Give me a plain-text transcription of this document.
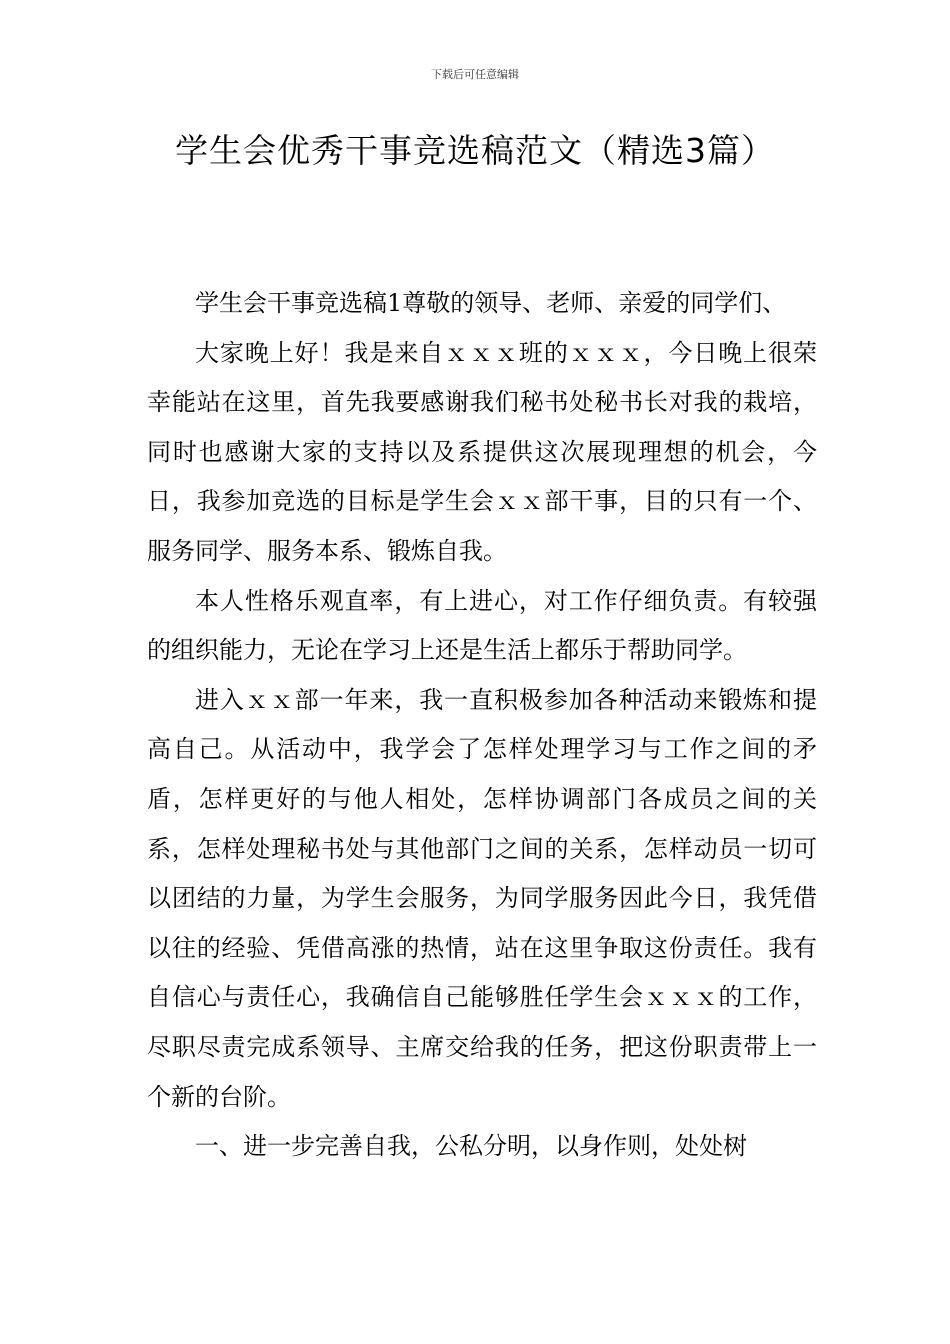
下载后可任意编辑
学生会优秀干事竞选稿范文（精选3篇）

学生会干事竞选稿1尊敬的领导、老师、亲爱的同学们、

大家晚上好！我是来自ｘｘｘ班的ｘｘｘ，今日晚上很荣幸能站在这里，首先我要感谢我们秘书处秘书长对我的栽培，同时也感谢大家的支持以及系提供这次展现理想的机会，今日，我参加竞选的目标是学生会ｘｘ部干事，目的只有一个、服务同学、服务本系、锻炼自我。

本人性格乐观直率，有上进心，对工作仔细负责。有较强的组织能力，无论在学习上还是生活上都乐于帮助同学。

进入ｘｘ部一年来，我一直积极参加各种活动来锻炼和提高自己。从活动中，我学会了怎样处理学习与工作之间的矛盾，怎样更好的与他人相处，怎样协调部门各成员之间的关系，怎样处理秘书处与其他部门之间的关系，怎样动员一切可以团结的力量，为学生会服务，为同学服务因此今日，我凭借以往的经验、凭借高涨的热情，站在这里争取这份责任。我有自信心与责任心，我确信自己能够胜任学生会ｘｘｘ的工作，尽职尽责完成系领导、主席交给我的任务，把这份职责带上一个新的台阶。

一、进一步完善自我，公私分明，以身作则，处处树
